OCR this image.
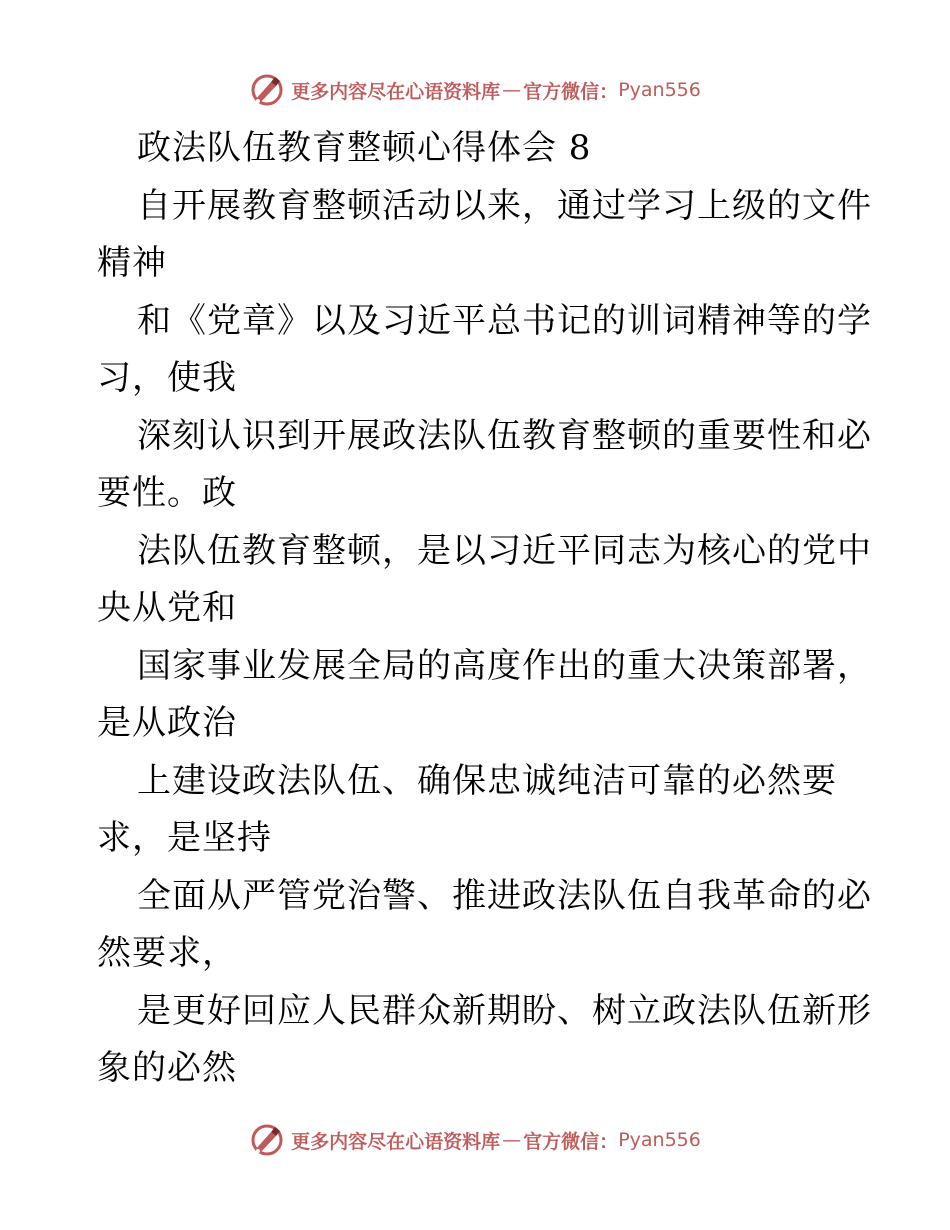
更多内容尽在心语资料库 — 官方微信： Pyan556
政法队伍教育整顿心得体会 8
自开展教育整顿活动以来，通过学习上级的文件
精神
和《党章》以及习近平总书记的训词精神等的学
习，使我
深刻认识到开展政法队伍教育整顿的重要性和必
要性。政
法队伍教育整顿，是以习近平同志为核心的党中
央从党和
国家事业发展全局的高度作出的重大决策部署，
是从政治
上建设政法队伍、确保忠诚纯洁可靠的必然要
求，是坚持
全面从严管党治警、推进政法队伍自我革命的必
然要求，
是更好回应人民群众新期盼、树立政法队伍新形
象的必然
更多内容尽在心语资料库 — 官方微信： Pyan556
